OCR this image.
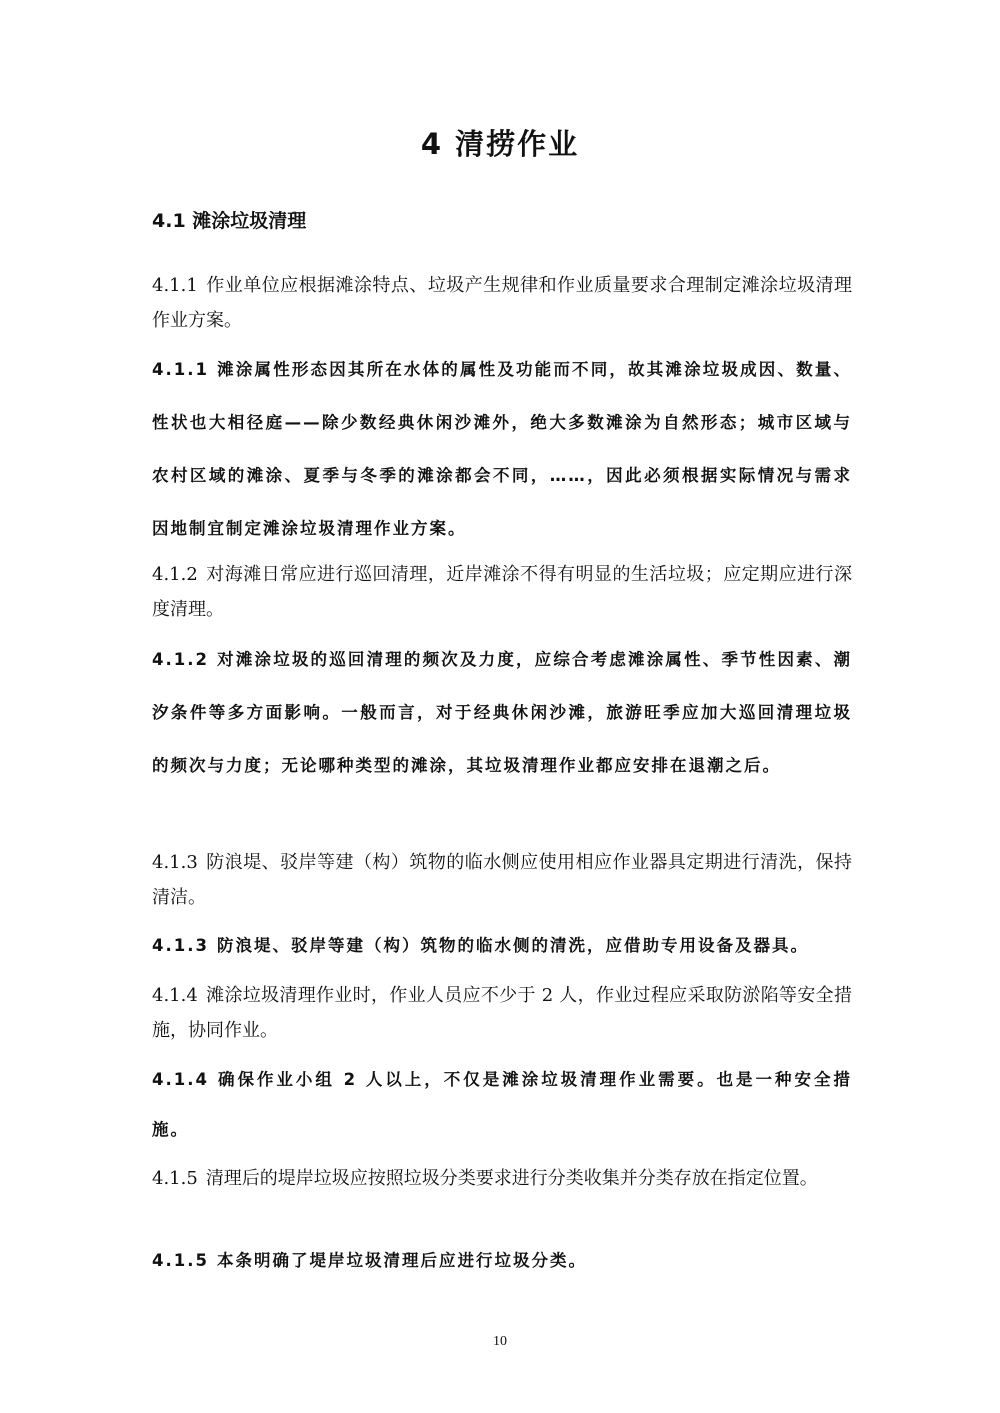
4 清捞作业
4.1 滩涂垃圾清理
4.1.1 作业单位应根据滩涂特点、垃圾产生规律和作业质量要求合理制定滩涂垃圾清理作业方案。
4.1.1 滩涂属性形态因其所在水体的属性及功能而不同，故其滩涂垃圾成因、数量、性状也大相径庭——除少数经典休闲沙滩外，绝大多数滩涂为自然形态；城市区域与农村区域的滩涂、夏季与冬季的滩涂都会不同，……，因此必须根据实际情况与需求因地制宜制定滩涂垃圾清理作业方案。
4.1.2 对海滩日常应进行巡回清理，近岸滩涂不得有明显的生活垃圾；应定期应进行深度清理。
4.1.2 对滩涂垃圾的巡回清理的频次及力度，应综合考虑滩涂属性、季节性因素、潮汐条件等多方面影响。一般而言，对于经典休闲沙滩，旅游旺季应加大巡回清理垃圾的频次与力度；无论哪种类型的滩涂，其垃圾清理作业都应安排在退潮之后。
4.1.3 防浪堤、驳岸等建（构）筑物的临水侧应使用相应作业器具定期进行清洗，保持清洁。
4.1.3 防浪堤、驳岸等建（构）筑物的临水侧的清洗，应借助专用设备及器具。
4.1.4 滩涂垃圾清理作业时，作业人员应不少于 2 人，作业过程应采取防淤陷等安全措施，协同作业。
4.1.4 确保作业小组 2 人以上，不仅是滩涂垃圾清理作业需要。也是一种安全措施。
4.1.5 清理后的堤岸垃圾应按照垃圾分类要求进行分类收集并分类存放在指定位置。
4.1.5 本条明确了堤岸垃圾清理后应进行垃圾分类。
10
